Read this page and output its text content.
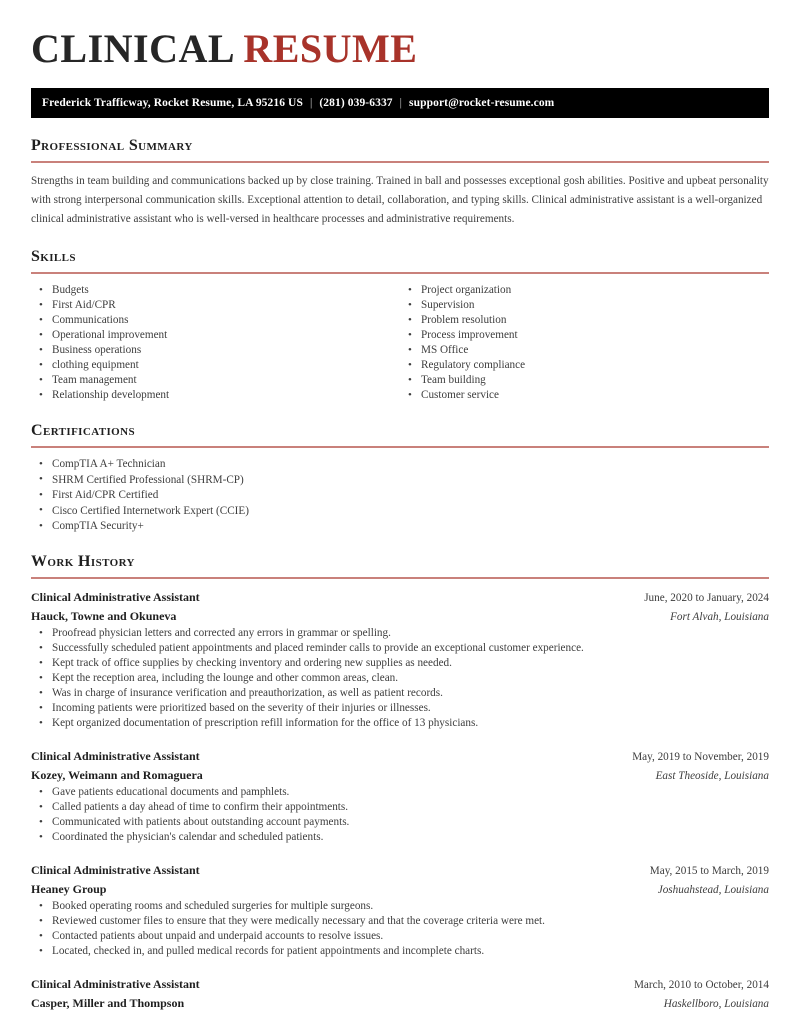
CLINICAL RESUME
Frederick Trafficway, Rocket Resume, LA 95216 US | (281) 039-6337 | support@rocket-resume.com
Professional Summary

Strengths in team building and communications backed up by close training. Trained in ball and possesses exceptional gosh abilities. Positive and upbeat personality with strong interpersonal communication skills. Exceptional attention to detail, collaboration, and typing skills. Clinical administrative assistant is a well-organized clinical administrative assistant who is well-versed in healthcare processes and administrative requirements.

Skills
• Budgets
• First Aid/CPR
• Communications
• Operational improvement
• Business operations
• clothing equipment
• Team management
• Relationship development
• Project organization
• Supervision
• Problem resolution
• Process improvement
• MS Office
• Regulatory compliance
• Team building
• Customer service
Certifications
• CompTIA A+ Technician
• SHRM Certified Professional (SHRM-CP)
• First Aid/CPR Certified
• Cisco Certified Internetwork Expert (CCIE)
• CompTIA Security+
Work History
Clinical Administrative Assistant	June, 2020 to January, 2024
Hauck, Towne and Okuneva	Fort Alvah, Louisiana
• Proofread physician letters and corrected any errors in grammar or spelling.
• Successfully scheduled patient appointments and placed reminder calls to provide an exceptional customer experience.
• Kept track of office supplies by checking inventory and ordering new supplies as needed.
• Kept the reception area, including the lounge and other common areas, clean.
• Was in charge of insurance verification and preauthorization, as well as patient records.
• Incoming patients were prioritized based on the severity of their injuries or illnesses.
• Kept organized documentation of prescription refill information for the office of 13 physicians.
Clinical Administrative Assistant	May, 2019 to November, 2019
Kozey, Weimann and Romaguera	East Theoside, Louisiana
• Gave patients educational documents and pamphlets.
• Called patients a day ahead of time to confirm their appointments.
• Communicated with patients about outstanding account payments.
• Coordinated the physician's calendar and scheduled patients.
Clinical Administrative Assistant	May, 2015 to March, 2019
Heaney Group	Joshuahstead, Louisiana
• Booked operating rooms and scheduled surgeries for multiple surgeons.
• Reviewed customer files to ensure that they were medically necessary and that the coverage criteria were met.
• Contacted patients about unpaid and underpaid accounts to resolve issues.
• Located, checked in, and pulled medical records for patient appointments and incomplete charts.
Clinical Administrative Assistant	March, 2010 to October, 2014
Casper, Miller and Thompson	Haskellboro, Louisiana
